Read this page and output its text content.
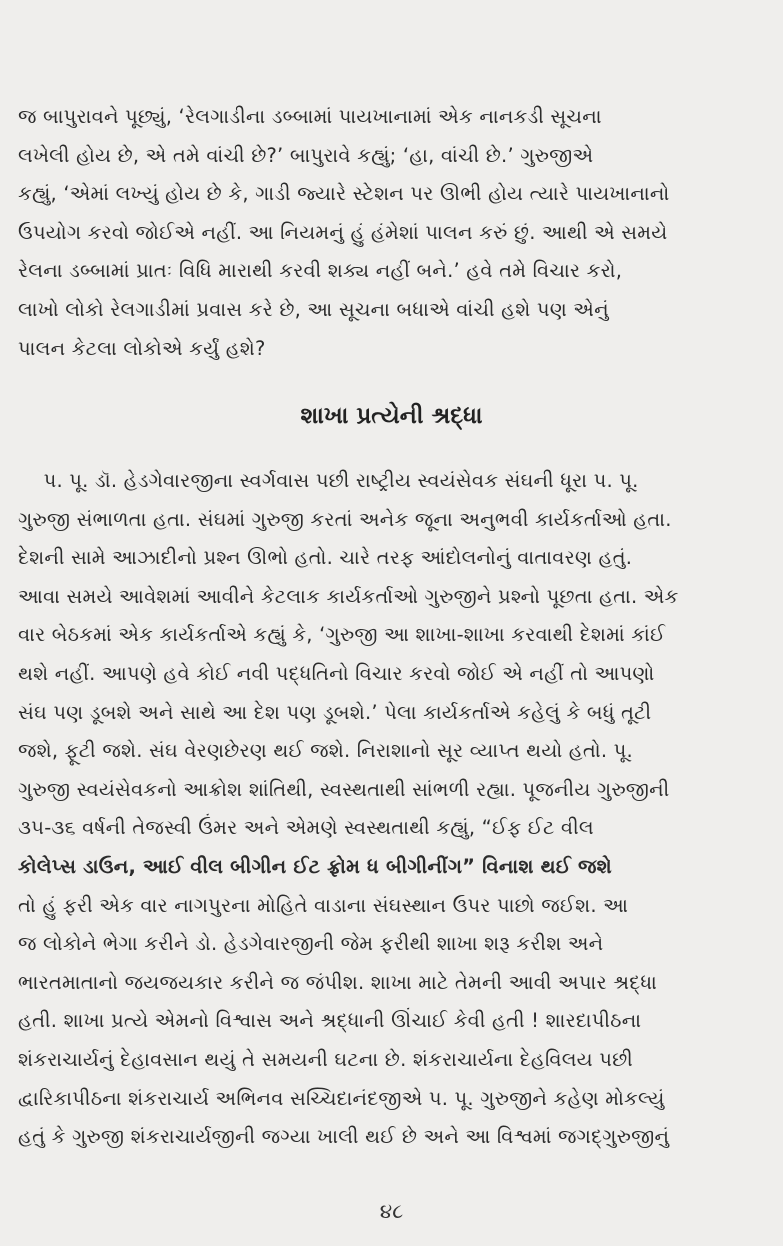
જ બાપુરાવને પૂછ્યું, ‘રેલગાડીના ડબ્બામાં પાયખાનામાં એક નાનકડી સૂચના
લખેલી હોય છે, એ તમે વાંચી છે?’ બાપુરાવે કહ્યું; ‘હા, વાંચી છે.’ ગુરુજીએ
કહ્યું, ‘એમાં લખ્યું હોય છે કે, ગાડી જ્યારે સ્ટેશન પર ઊભી હોય ત્યારે પાયખાનાનો
ઉપયોગ કરવો જોઈએ નહીં. આ નિયમનું હું હંમેશાં પાલન કરું છું. આથી એ સમયે
રેલના ડબ્બામાં પ્રાતઃ વિધિ મારાથી કરવી શક્ય નહીં બને.’ હવે તમે વિચાર કરો,
લાખો લોકો રેલગાડીમાં પ્રવાસ કરે છે, આ સૂચના બધાએ વાંચી હશે પણ એનું
પાલન કેટલા લોકોએ કર્યું હશે?
શાખા પ્રત્યેની શ્રદ્ધા
પ. પૂ. ડૉ. હેડગેવારજીના સ્વર્ગવાસ પછી રાષ્ટ્રીય સ્વયંસેવક સંઘની ધૂરા પ. પૂ.
ગુરુજી સંભાળતા હતા. સંઘમાં ગુરુજી કરતાં અનેક જૂના અનુભવી કાર્યકર્તાઓ હતા.
દેશની સામે આઝાદીનો પ્રશ્ન ઊભો હતો. ચારે તરફ આંદોલનોનું વાતાવરણ હતું.
આવા સમયે આવેશમાં આવીને કેટલાક કાર્યકર્તાઓ ગુરુજીને પ્રશ્નો પૂછતા હતા. એક
વાર બેઠકમાં એક કાર્યકર્તાએ કહ્યું કે, ‘ગુરુજી આ શાખા-શાખા કરવાથી દેશમાં કાંઈ
થશે નહીં. આપણે હવે કોઈ નવી પદ્ધતિનો વિચાર કરવો જોઈ એ નહીં તો આપણો
સંઘ પણ ડૂબશે અને સાથે આ દેશ પણ ડૂબશે.’ પેલા કાર્યકર્તાએ કહેલું કે બધું તૂટી
જશે, ફૂટી જશે. સંઘ વેરણછેરણ થઈ જશે. નિરાશાનો સૂર વ્યાપ્ત થયો હતો. પૂ.
ગુરુજી સ્વયંસેવકનો આક્રોશ શાંતિથી, સ્વસ્થતાથી સાંભળી રહ્યા. પૂજનીય ગુરુજીની
૩૫-૩૬ વર્ષની તેજસ્વી ઉંમર અને એમણે સ્વસ્થતાથી કહ્યું, “ઈફ ઈટ વીલ
કોલેપ્સ ડાઉન, આઈ વીલ બીગીન ઈટ ફ્રોમ ધ બીગીનીંગ” વિનાશ થઈ જશે
તો હું ફરી એક વાર નાગપુરના મોહિતે વાડાના સંઘસ્થાન ઉપર પાછો જઈશ. આ
જ લોકોને ભેગા કરીને ડો. હેડગેવારજીની જેમ ફરીથી શાખા શરૂ કરીશ અને
ભારતમાતાનો જયજયકાર કરીને જ જંપીશ. શાખા માટે તેમની આવી અપાર શ્રદ્ધા
હતી. શાખા પ્રત્યે એમનો વિશ્વાસ અને શ્રદ્ધાની ઊંચાઈ કેવી હતી ! શારદાપીઠના
શંકરાચાર્યનું દેહાવસાન થયું તે સમયની ઘટના છે. શંકરાચાર્યના દેહવિલય પછી
દ્વારિકાપીઠના શંકરાચાર્ય અભિનવ સચ્ચિદાનંદજીએ પ. પૂ. ગુરુજીને કહેણ મોકલ્યું
હતું કે ગુરુજી શંકરાચાર્યજીની જગ્યા ખાલી થઈ છે અને આ વિશ્વમાં જગદ્‌ગુરુજીનું
૪૮
